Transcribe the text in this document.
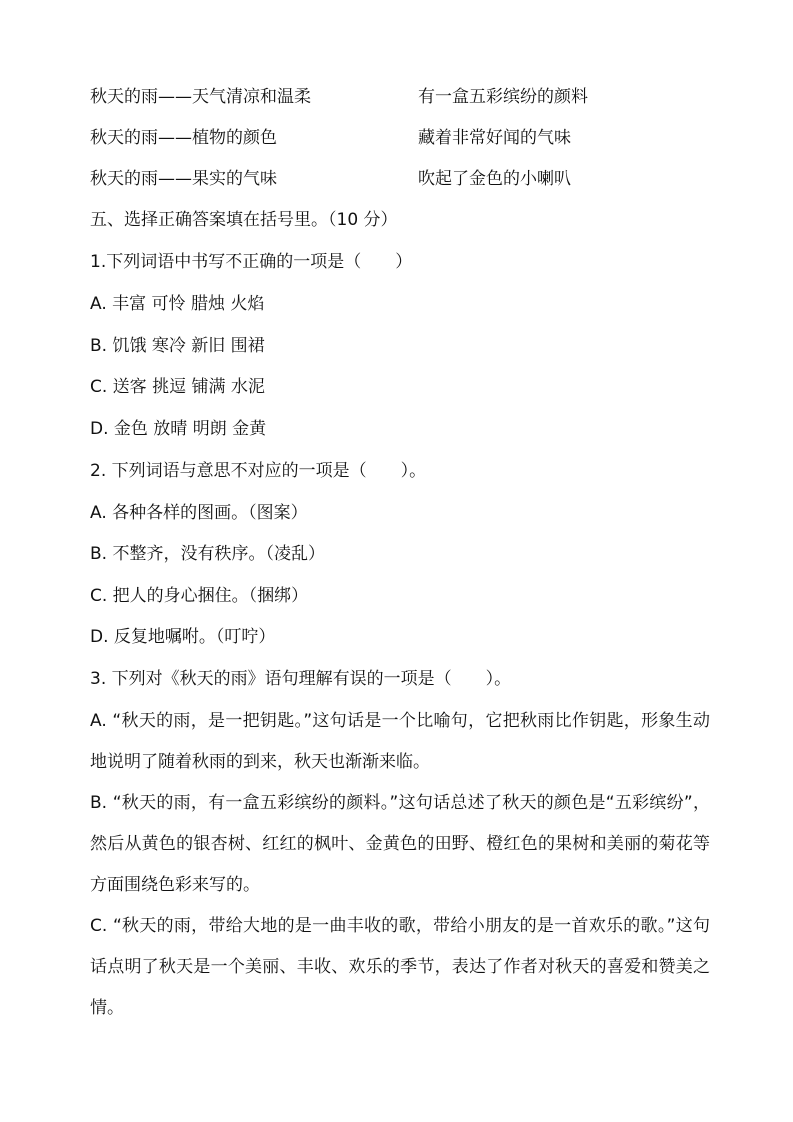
秋天的雨——天气清凉和温柔	有一盒五彩缤纷的颜料
秋天的雨——植物的颜色	藏着非常好闻的气味
秋天的雨——果实的气味	吹起了金色的小喇叭
五、选择正确答案填在括号里。（10 分）
1.下列词语中书写不正确的一项是（　　）
A. 丰富 可怜 腊烛 火焰
B. 饥饿 寒冷 新旧 围裙
C. 送客 挑逗 铺满 水泥
D. 金色 放晴 明朗 金黄
2. 下列词语与意思不对应的一项是（　　）。
A. 各种各样的图画。（图案）
B. 不整齐，没有秩序。（凌乱）
C. 把人的身心捆住。（捆绑）
D. 反复地嘱咐。（叮咛）
3. 下列对《秋天的雨》语句理解有误的一项是（　　）。
A. “秋天的雨，是一把钥匙。”这句话是一个比喻句，它把秋雨比作钥匙，形象生动地说明了随着秋雨的到来，秋天也渐渐来临。
B. “秋天的雨，有一盒五彩缤纷的颜料。”这句话总述了秋天的颜色是“五彩缤纷”，然后从黄色的银杏树、红红的枫叶、金黄色的田野、橙红色的果树和美丽的菊花等方面围绕色彩来写的。
C. “秋天的雨，带给大地的是一曲丰收的歌，带给小朋友的是一首欢乐的歌。”这句话点明了秋天是一个美丽、丰收、欢乐的季节，表达了作者对秋天的喜爱和赞美之情。
